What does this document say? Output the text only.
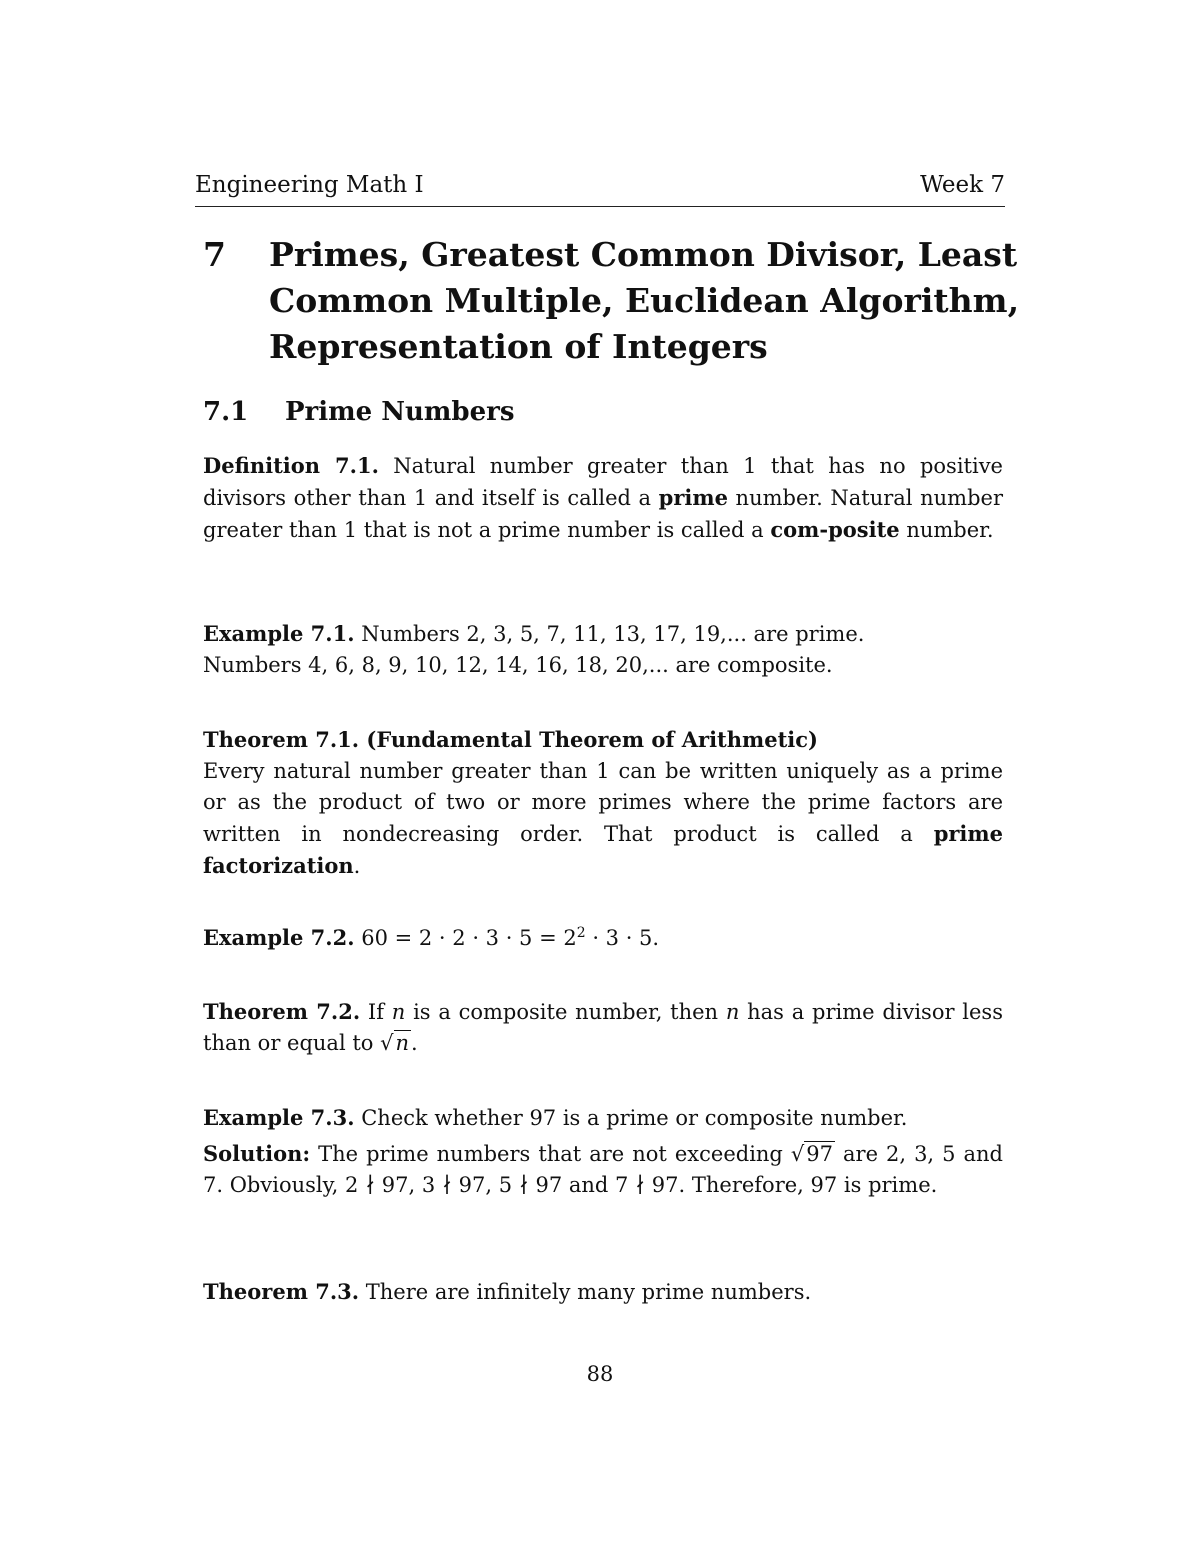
Engineering Math I	Week 7
7 Primes, Greatest Common Divisor, Least Common Multiple, Euclidean Algorithm, Representation of Integers
7.1 Prime Numbers

Definition 7.1. Natural number greater than 1 that has no positive divisors other than 1 and itself is called a prime number. Natural number greater than 1 that is not a prime number is called a com-posite number.

Example 7.1. Numbers 2, 3, 5, 7, 11, 13, 17, 19,... are prime.

Numbers 4, 6, 8, 9, 10, 12, 14, 16, 18, 20,... are composite.

Theorem 7.1. (Fundamental Theorem of Arithmetic)

Every natural number greater than 1 can be written uniquely as a prime or as the product of two or more primes where the prime factors are written in nondecreasing order. That product is called a prime factorization.

Example 7.2. $60 = 2 \cdot 2 \cdot 3 \cdot 5 = 2^2 \cdot 3 \cdot 5$.

Theorem 7.2. If n is a composite number, then n has a prime divisor less than or equal to √n.

Example 7.3. Check whether 97 is a prime or composite number.

Solution: The prime numbers that are not exceeding √97 are 2, 3, 5 and 7. Obviously, 2 ∤ 97, 3 ∤ 97, 5 ∤ 97 and 7 ∤ 97. Therefore, 97 is prime.

Theorem 7.3. There are infinitely many prime numbers.

88
